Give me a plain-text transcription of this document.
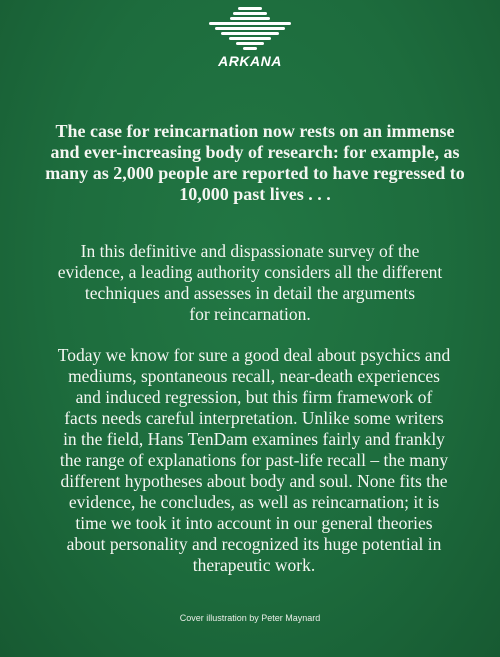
ARKANA
The case for reincarnation now rests on an immense
and ever-increasing body of research: for example, as
many as 2,000 people are reported to have regressed to
10,000 past lives . . .
In this definitive and dispassionate survey of the
evidence, a leading authority considers all the different
techniques and assesses in detail the arguments
for reincarnation.
Today we know for sure a good deal about psychics and
mediums, spontaneous recall, near-death experiences
and induced regression, but this firm framework of
facts needs careful interpretation. Unlike some writers
in the field, Hans TenDam examines fairly and frankly
the range of explanations for past-life recall – the many
different hypotheses about body and soul. None fits the
evidence, he concludes, as well as reincarnation; it is
time we took it into account in our general theories
about personality and recognized its huge potential in
therapeutic work.
Cover illustration by Peter Maynard
